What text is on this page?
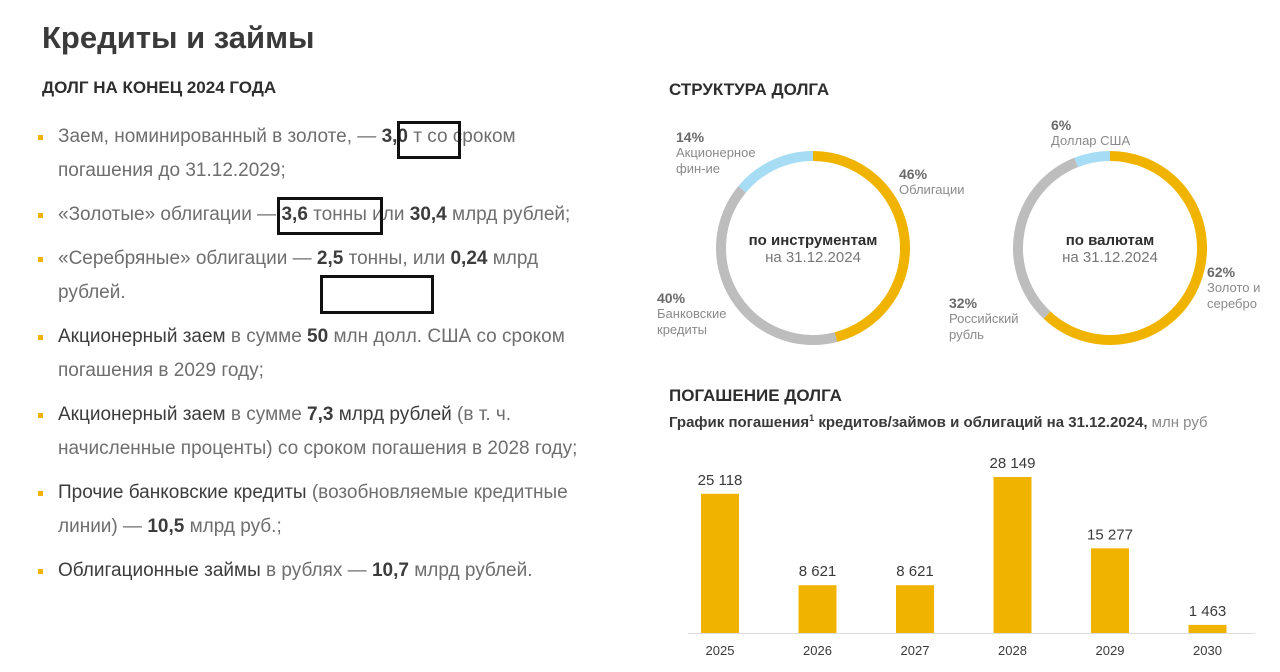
Кредиты и займы
ДОЛГ НА КОНЕЦ 2024 ГОДА
Заем, номинированный в золоте, — 3,0 т со сроком погашения до 31.12.2029;
«Золотые» облигации — 3,6 тонны или 30,4 млрд рублей;
«Серебряные» облигации — 2,5 тонны, или 0,24 млрд рублей.
Акционерный заем в сумме 50 млн долл. США со сроком погашения в 2029 году;
Акционерный заем в сумме 7,3 млрд рублей (в т. ч. начисленные проценты) со сроком погашения в 2028 году;
Прочие банковские кредиты (возобновляемые кредитные линии) — 10,5 млрд руб.;
Облигационные займы в рублях — 10,7 млрд рублей.
СТРУКТУРА ДОЛГА
по инструментам
на 31.12.2024
46%
Облигации
40%
Банковские
кредиты
14%
Акционерное
фин-ие
по валютам
на 31.12.2024
62%
Золото и
серебро
32%
Российский
рубль
6%
Доллар США
ПОГАШЕНИЕ ДОЛГА
График погашения$^1$ кредитов/займов и облигаций на 31.12.2024, млн руб
25 118
2025
8 621
2026
8 621
2027
28 149
2028
15 277
2029
1 463
2030
